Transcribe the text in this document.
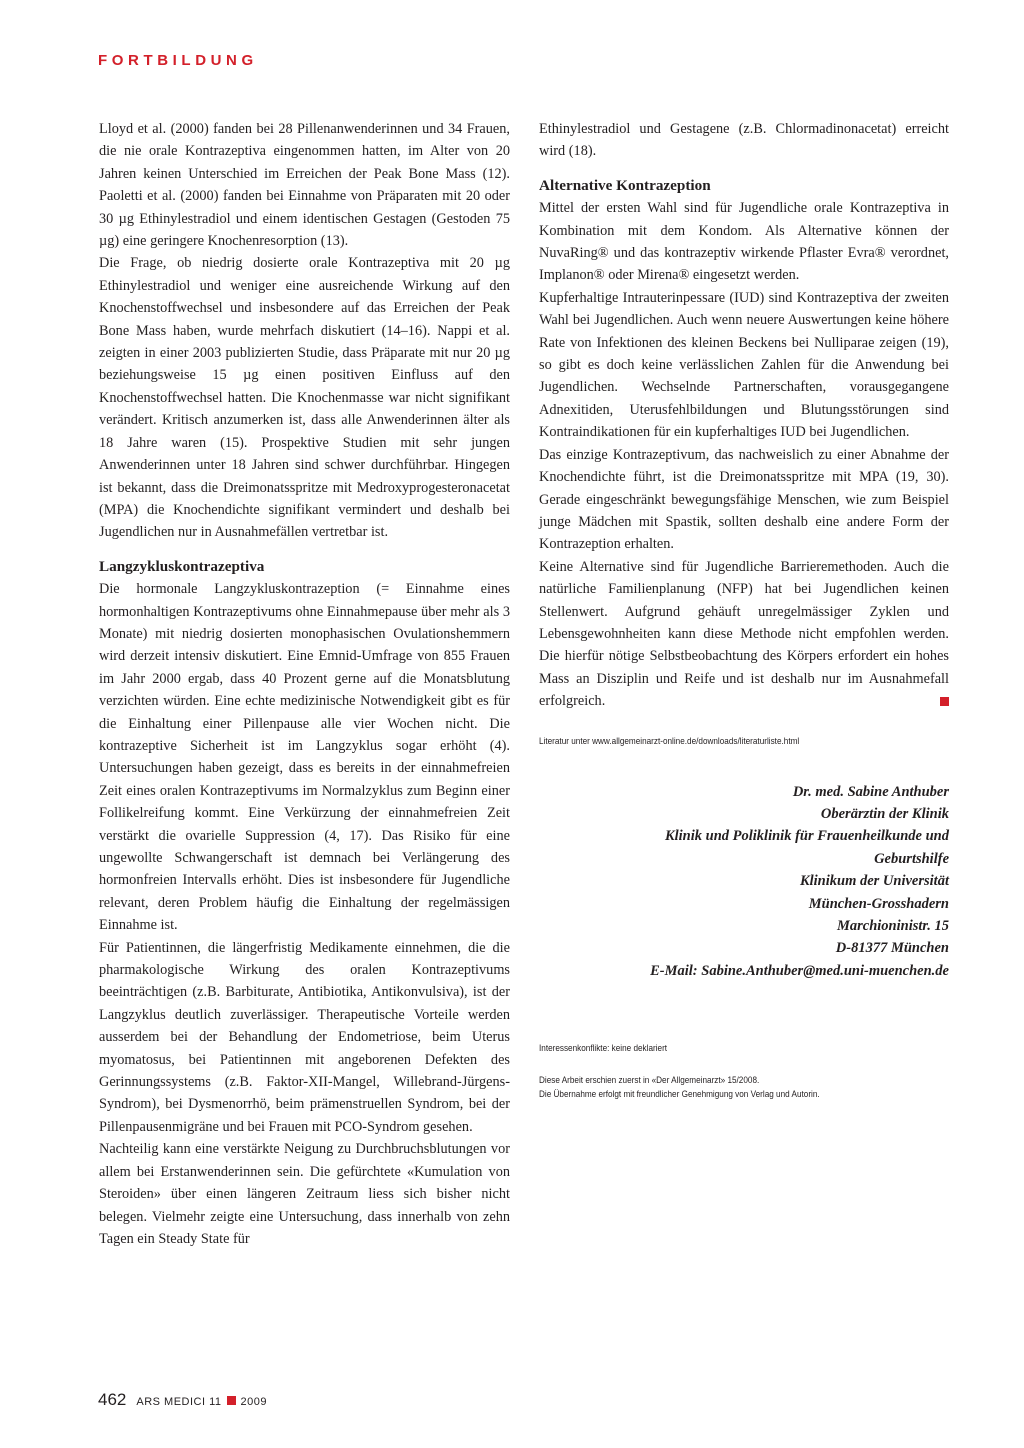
FORTBILDUNG

Lloyd et al. (2000) fanden bei 28 Pillenanwenderinnen und 34 Frauen, die nie orale Kontrazeptiva eingenommen hatten, im Alter von 20 Jahren keinen Unterschied im Erreichen der Peak Bone Mass (12). Paoletti et al. (2000) fanden bei Einnahme von Präparaten mit 20 oder 30 µg Ethinylestradiol und einem identischen Gestagen (Gestoden 75 µg) eine geringere Knochenresorption (13).

Die Frage, ob niedrig dosierte orale Kontrazeptiva mit 20 µg Ethinylestradiol und weniger eine ausreichende Wirkung auf den Knochenstoffwechsel und insbesondere auf das Erreichen der Peak Bone Mass haben, wurde mehrfach diskutiert (14–16). Nappi et al. zeigten in einer 2003 publizierten Studie, dass Präparate mit nur 20 µg beziehungsweise 15 µg einen positiven Einfluss auf den Knochenstoffwechsel hatten. Die Knochenmasse war nicht signifikant verändert. Kritisch anzumerken ist, dass alle Anwenderinnen älter als 18 Jahre waren (15). Prospektive Studien mit sehr jungen Anwenderinnen unter 18 Jahren sind schwer durchführbar. Hingegen ist bekannt, dass die Dreimonatsspritze mit Medroxyprogesteronacetat (MPA) die Knochendichte signifikant vermindert und deshalb bei Jugendlichen nur in Ausnahmefällen vertretbar ist.

Langzykluskontrazeptiva

Die hormonale Langzykluskontrazeption (= Einnahme eines hormonhaltigen Kontrazeptivums ohne Einnahmepause über mehr als 3 Monate) mit niedrig dosierten monophasischen Ovulationshemmern wird derzeit intensiv diskutiert. Eine Emnid-Umfrage von 855 Frauen im Jahr 2000 ergab, dass 40 Prozent gerne auf die Monatsblutung verzichten würden. Eine echte medizinische Notwendigkeit gibt es für die Einhaltung einer Pillenpause alle vier Wochen nicht. Die kontrazeptive Sicherheit ist im Langzyklus sogar erhöht (4). Untersuchungen haben gezeigt, dass es bereits in der einnahmefreien Zeit eines oralen Kontrazeptivums im Normalzyklus zum Beginn einer Follikelreifung kommt. Eine Verkürzung der einnahmefreien Zeit verstärkt die ovarielle Suppression (4, 17). Das Risiko für eine ungewollte Schwangerschaft ist demnach bei Verlängerung des hormonfreien Intervalls erhöht. Dies ist insbesondere für Jugendliche relevant, deren Problem häufig die Einhaltung der regelmässigen Einnahme ist.

Für Patientinnen, die längerfristig Medikamente einnehmen, die die pharmakologische Wirkung des oralen Kontrazeptivums beeinträchtigen (z.B. Barbiturate, Antibiotika, Antikonvulsiva), ist der Langzyklus deutlich zuverlässiger. Therapeutische Vorteile werden ausserdem bei der Behandlung der Endometriose, beim Uterus myomatosus, bei Patientinnen mit angeborenen Defekten des Gerinnungssystems (z.B. Faktor-XII-Mangel, Willebrand-Jürgens-Syndrom), bei Dysmenorrhö, beim prämenstruellen Syndrom, bei der Pillenpausenmigräne und bei Frauen mit PCO-Syndrom gesehen.

Nachteilig kann eine verstärkte Neigung zu Durchbruchsblutungen vor allem bei Erstanwenderinnen sein. Die gefürchtete «Kumulation von Steroiden» über einen längeren Zeitraum liess sich bisher nicht belegen. Vielmehr zeigte eine Untersuchung, dass innerhalb von zehn Tagen ein Steady State für

Ethinylestradiol und Gestagene (z.B. Chlormadinonacetat) erreicht wird (18).

Alternative Kontrazeption

Mittel der ersten Wahl sind für Jugendliche orale Kontrazeptiva in Kombination mit dem Kondom. Als Alternative können der NuvaRing® und das kontrazeptiv wirkende Pflaster Evra® verordnet, Implanon® oder Mirena® eingesetzt werden.

Kupferhaltige Intrauterinpessare (IUD) sind Kontrazeptiva der zweiten Wahl bei Jugendlichen. Auch wenn neuere Auswertungen keine höhere Rate von Infektionen des kleinen Beckens bei Nulliparae zeigen (19), so gibt es doch keine verlässlichen Zahlen für die Anwendung bei Jugendlichen. Wechselnde Partnerschaften, vorausgegangene Adnexitiden, Uterusfehlbildungen und Blutungsstörungen sind Kontraindikationen für ein kupferhaltiges IUD bei Jugendlichen.

Das einzige Kontrazeptivum, das nachweislich zu einer Abnahme der Knochendichte führt, ist die Dreimonatsspritze mit MPA (19, 30). Gerade eingeschränkt bewegungsfähige Menschen, wie zum Beispiel junge Mädchen mit Spastik, sollten deshalb eine andere Form der Kontrazeption erhalten.

Keine Alternative sind für Jugendliche Barrieremethoden. Auch die natürliche Familienplanung (NFP) hat bei Jugendlichen keinen Stellenwert. Aufgrund gehäuft unregelmässiger Zyklen und Lebensgewohnheiten kann diese Methode nicht empfohlen werden. Die hierfür nötige Selbstbeobachtung des Körpers erfordert ein hohes Mass an Disziplin und Reife und ist deshalb nur im Ausnahmefall erfolgreich.

Literatur unter www.allgemeinarzt-online.de/downloads/literaturliste.html
Dr. med. Sabine Anthuber
Oberärztin der Klinik
Klinik und Poliklinik für Frauenheilkunde und
Geburtshilfe
Klinikum der Universität
München-Grosshadern
Marchioninistr. 15
D-81377 München
E-Mail: Sabine.Anthuber@med.uni-muenchen.de
Interessenkonflikte: keine deklariert
Diese Arbeit erschien zuerst in «Der Allgemeinarzt» 15/2008.
Die Übernahme erfolgt mit freundlicher Genehmigung von Verlag und Autorin.
462 ARS MEDICI 11 2009
